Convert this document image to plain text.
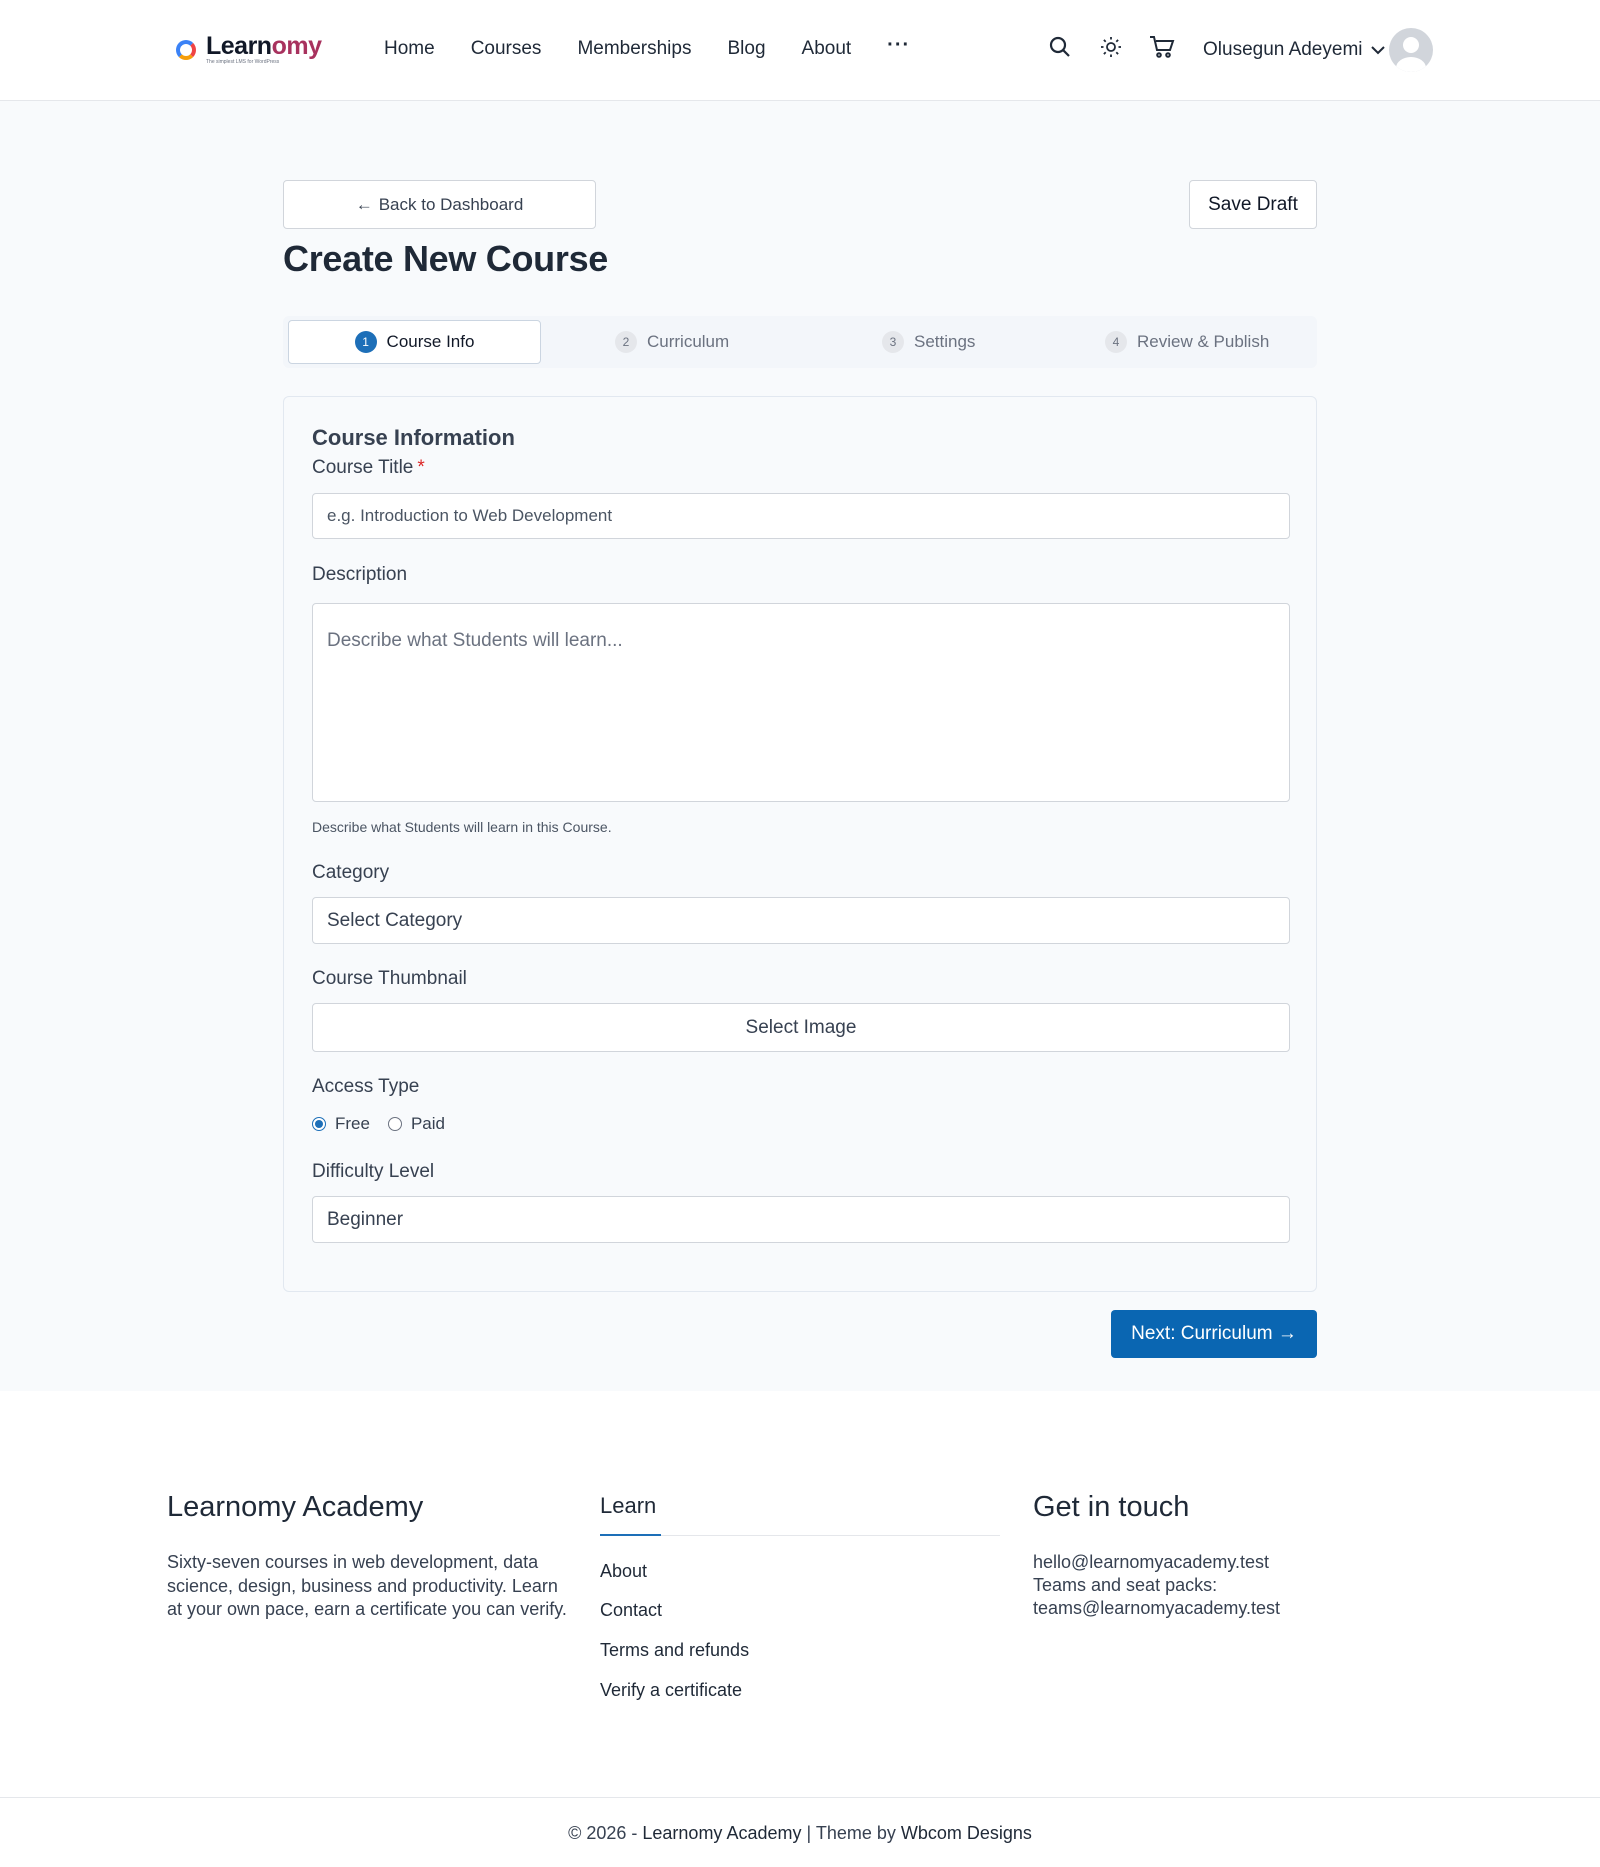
Learnomy
The simplest LMS for WordPress
Home Courses Memberships Blog About ···	Olusegun Adeyemi
← Back to Dashboard	Save Draft
Create New Course
1	Course Info	2	Curriculum	3	Settings	4	Review & Publish
Course Information
Course Title *
e.g. Introduction to Web Development
Description
Describe what Students will learn...
Describe what Students will learn in this Course.
Category
Select Category
Course Thumbnail
Select Image
Access Type
Free Paid
Difficulty Level
Beginner
Next: Curriculum →
Learnomy Academy
Sixty-seven courses in web development, data science, design, business and productivity. Learn at your own pace, earn a certificate you can verify.
Learn
About
Contact
Terms and refunds
Verify a certificate
Get in touch
hello@learnomyacademy.test
Teams and seat packs:
teams@learnomyacademy.test
© 2026 - Learnomy Academy | Theme by Wbcom Designs
